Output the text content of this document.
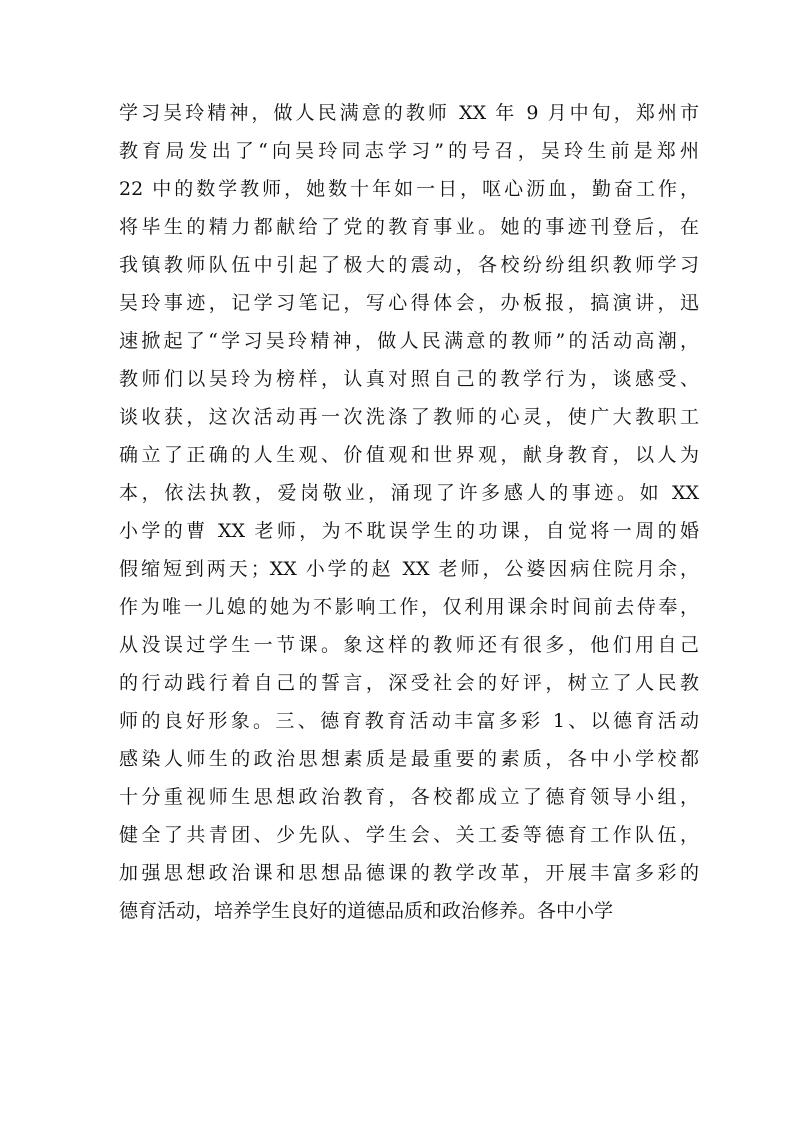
学习吴玲精神，做人民满意的教师 XX 年 9 月中旬，郑州市
教育局发出了“向吴玲同志学习”的号召，吴玲生前是郑州
22 中的数学教师，她数十年如一日，呕心沥血，勤奋工作，
将毕生的精力都献给了党的教育事业。她的事迹刊登后，在
我镇教师队伍中引起了极大的震动，各校纷纷组织教师学习
吴玲事迹，记学习笔记，写心得体会，办板报，搞演讲，迅
速掀起了“学习吴玲精神，做人民满意的教师”的活动高潮，
教师们以吴玲为榜样，认真对照自己的教学行为，谈感受、
谈收获，这次活动再一次洗涤了教师的心灵，使广大教职工
确立了正确的人生观、价值观和世界观，献身教育，以人为
本，依法执教，爱岗敬业，涌现了许多感人的事迹。如 XX
小学的曹 XX 老师，为不耽误学生的功课，自觉将一周的婚
假缩短到两天；XX 小学的赵 XX 老师，公婆因病住院月余，
作为唯一儿媳的她为不影响工作，仅利用课余时间前去侍奉，
从没误过学生一节课。象这样的教师还有很多，他们用自己
的行动践行着自己的誓言，深受社会的好评，树立了人民教
师的良好形象。三、德育教育活动丰富多彩 1、以德育活动
感染人师生的政治思想素质是最重要的素质，各中小学校都
十分重视师生思想政治教育，各校都成立了德育领导小组，
健全了共青团、少先队、学生会、关工委等德育工作队伍，
加强思想政治课和思想品德课的教学改革，开展丰富多彩的
德育活动，培养学生良好的道德品质和政治修养。各中小学
